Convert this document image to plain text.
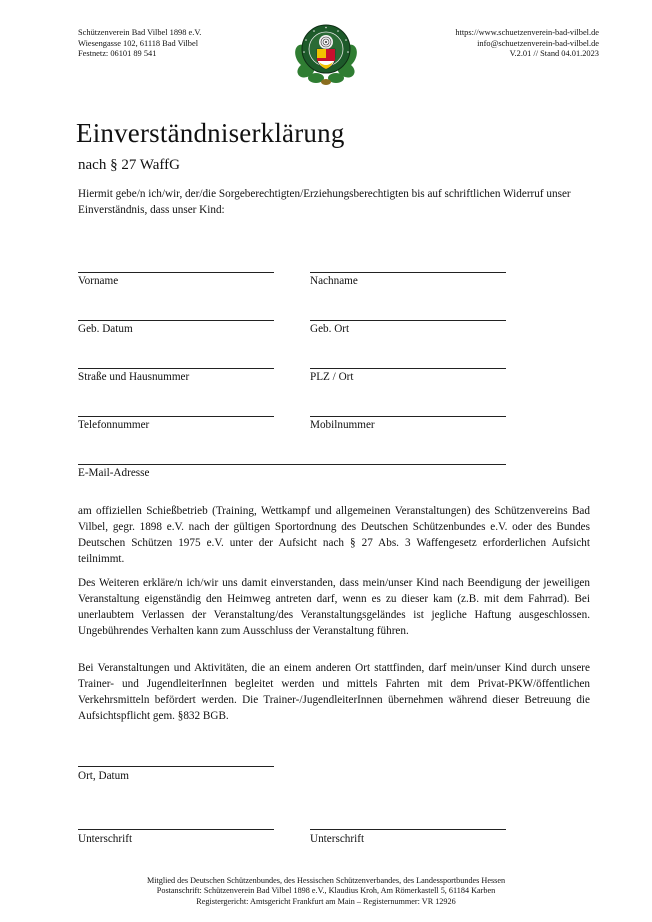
Schützenverein Bad Vilbel 1898 e.V.
Wiesengasse 102, 61118 Bad Vilbel
Festnetz: 06101 89 541
https://www.schuetzenverein-bad-vilbel.de
info@schuetzenverein-bad-vilbel.de
V.2.01 // Stand 04.01.2023
Einverständniserklärung
nach § 27 WaffG
Hiermit gebe/n ich/wir, der/die Sorgeberechtigten/Erziehungsberechtigten bis auf schriftlichen Widerruf unser Einverständnis, dass unser Kind:
Vorname	Nachname
Geb. Datum	Geb. Ort
Straße und Hausnummer	PLZ / Ort
Telefonnummer	Mobilnummer
E-Mail-Adresse
am offiziellen Schießbetrieb (Training, Wettkampf und allgemeinen Veranstaltungen) des Schützenvereins Bad Vilbel, gegr. 1898 e.V. nach der gültigen Sportordnung des Deutschen Schützenbundes e.V. oder des Bundes Deutschen Schützen 1975 e.V. unter der Aufsicht nach § 27 Abs. 3 Waffengesetz erforderlichen Aufsicht teilnimmt.
Des Weiteren erkläre/n ich/wir uns damit einverstanden, dass mein/unser Kind nach Beendigung der jeweiligen Veranstaltung eigenständig den Heimweg antreten darf, wenn es zu dieser kam (z.B. mit dem Fahrrad). Bei unerlaubtem Verlassen der Veranstaltung/des Veranstaltungsgeländes ist jegliche Haftung ausgeschlossen. Ungebührendes Verhalten kann zum Ausschluss der Veranstaltung führen.
Bei Veranstaltungen und Aktivitäten, die an einem anderen Ort stattfinden, darf mein/unser Kind durch unsere Trainer- und JugendleiterInnen begleitet werden und mittels Fahrten mit dem Privat-PKW/öffentlichen Verkehrsmitteln befördert werden. Die Trainer-/JugendleiterInnen übernehmen während dieser Betreuung die Aufsichtspflicht gem. §832 BGB.
Ort, Datum
Unterschrift	Unterschrift
Mitglied des Deutschen Schützenbundes, des Hessischen Schützenverbandes, des Landessportbundes Hessen
Postanschrift: Schützenverein Bad Vilbel 1898 e.V., Klaudius Kroh, Am Römerkastell 5, 61184 Karben
Registergericht: Amtsgericht Frankfurt am Main – Registernummer: VR 12926
